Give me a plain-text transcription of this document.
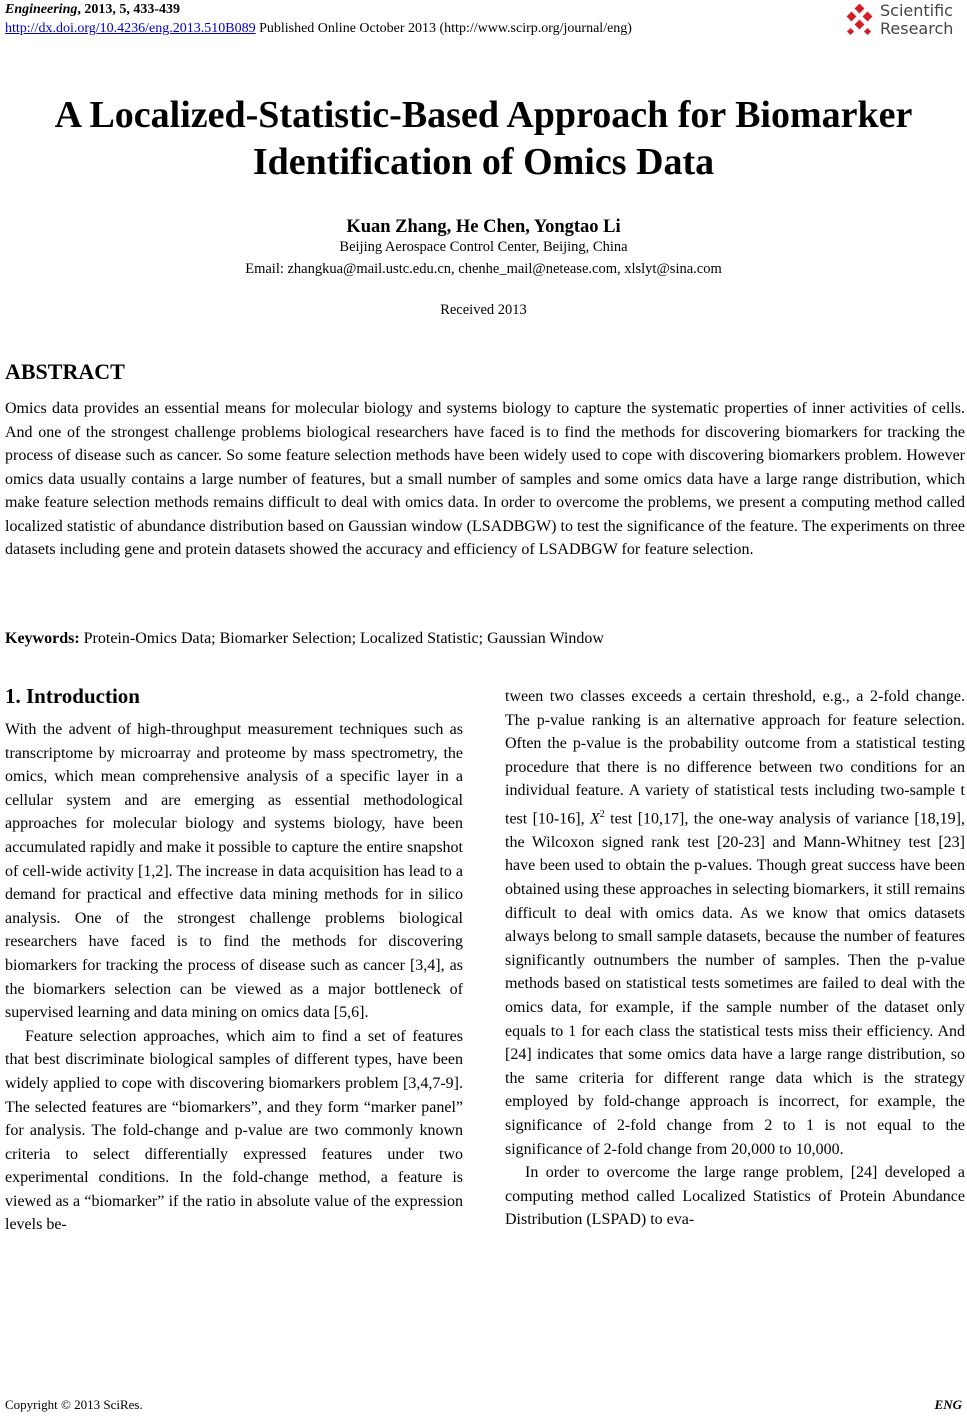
Engineering, 2013, 5, 433-439
http://dx.doi.org/10.4236/eng.2013.510B089 Published Online October 2013 (http://www.scirp.org/journal/eng)
Scientific
Research
A Localized-Statistic-Based Approach for Biomarker
Identification of Omics Data
Kuan Zhang, He Chen, Yongtao Li
Beijing Aerospace Control Center, Beijing, China
Email: zhangkua@mail.ustc.edu.cn, chenhe_mail@netease.com, xlslyt@sina.com
Received 2013
ABSTRACT
Omics data provides an essential means for molecular biology and systems biology to capture the systematic properties of inner activities of cells. And one of the strongest challenge problems biological researchers have faced is to find the methods for discovering biomarkers for tracking the process of disease such as cancer. So some feature selection methods have been widely used to cope with discovering biomarkers problem. However omics data usually contains a large number of features, but a small number of samples and some omics data have a large range distribution, which make feature selection methods remains difficult to deal with omics data. In order to overcome the problems, we present a computing method called localized statistic of abundance distribution based on Gaussian window (LSADBGW) to test the significance of the feature. The experiments on three datasets including gene and protein datasets showed the accuracy and efficiency of LSADBGW for feature selection.
Keywords: Protein-Omics Data; Biomarker Selection; Localized Statistic; Gaussian Window
1. Introduction

With the advent of high-throughput measurement techniques such as transcriptome by microarray and proteome by mass spectrometry, the omics, which mean comprehensive analysis of a specific layer in a cellular system and are emerging as essential methodological approaches for molecular biology and systems biology, have been accumulated rapidly and make it possible to capture the entire snapshot of cell-wide activity [1,2]. The increase in data acquisition has lead to a demand for practical and effective data mining methods for in silico analysis. One of the strongest challenge problems biological researchers have faced is to find the methods for discovering biomarkers for tracking the process of disease such as cancer [3,4], as the biomarkers selection can be viewed as a major bottleneck of supervised learning and data mining on omics data [5,6].

Feature selection approaches, which aim to find a set of features that best discriminate biological samples of different types, have been widely applied to cope with discovering biomarkers problem [3,4,7-9]. The selected features are “biomarkers”, and they form “marker panel” for analysis. The fold-change and p-value are two commonly known criteria to select differentially expressed features under two experimental conditions. In the fold-change method, a feature is viewed as a “biomarker” if the ratio in absolute value of the expression levels be-

tween two classes exceeds a certain threshold, e.g., a 2-fold change. The p-value ranking is an alternative approach for feature selection. Often the p-value is the probability outcome from a statistical testing procedure that there is no difference between two conditions for an individual feature. A variety of statistical tests including two-sample t test [10-16], $X^2$ test [10,17], the one-way analysis of variance [18,19], the Wilcoxon signed rank test [20-23] and Mann-Whitney test [23] have been used to obtain the p-values. Though great success have been obtained using these approaches in selecting biomarkers, it still remains difficult to deal with omics data. As we know that omics datasets always belong to small sample datasets, because the number of features significantly outnumbers the number of samples. Then the p-value methods based on statistical tests sometimes are failed to deal with the omics data, for example, if the sample number of the dataset only equals to 1 for each class the statistical tests miss their efficiency. And [24] indicates that some omics data have a large range distribution, so the same criteria for different range data which is the strategy employed by fold-change approach is incorrect, for example, the significance of 2-fold change from 2 to 1 is not equal to the significance of 2-fold change from 20,000 to 10,000.

In order to overcome the large range problem, [24] developed a computing method called Localized Statistics of Protein Abundance Distribution (LSPAD) to eva-

Copyright © 2013 SciRes.	ENG
